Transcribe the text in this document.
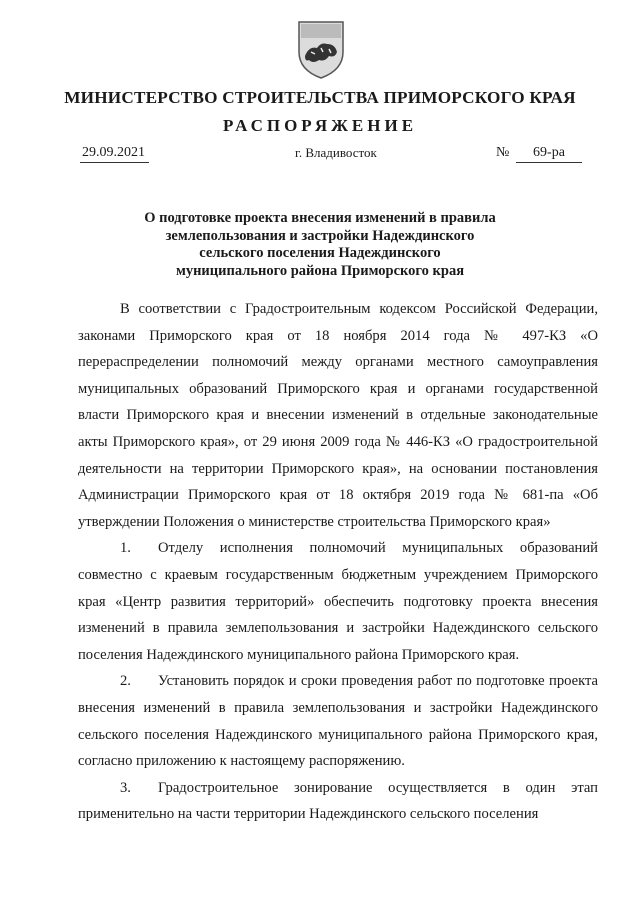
МИНИСТЕРСТВО СТРОИТЕЛЬСТВА ПРИМОРСКОГО КРАЯ
РАСПОРЯЖЕНИЕ
29.09.2021	г. Владивосток	№	69-ра
О подготовке проекта внесения изменений в правила
землепользования и застройки Надеждинского
сельского поселения Надеждинского
муниципального района Приморского края

В соответствии с Градостроительным кодексом Российской Федерации, законами Приморского края от 18 ноября 2014 года № 497-КЗ «О перераспределении полномочий между органами местного самоуправления муниципальных образований Приморского края и органами государственной власти Приморского края и внесении изменений в отдельные законодательные акты Приморского края», от 29 июня 2009 года № 446-КЗ «О градостроительной деятельности на территории Приморского края», на основании постановления Администрации Приморского края от 18 октября 2019 года № 681-па «Об утверждении Положения о министерстве строительства Приморского края»

1. Отделу исполнения полномочий муниципальных образований совместно с краевым государственным бюджетным учреждением Приморского края «Центр развития территорий» обеспечить подготовку проекта внесения изменений в правила землепользования и застройки Надеждинского сельского поселения Надеждинского муниципального района Приморского края.

2. Установить порядок и сроки проведения работ по подготовке проекта внесения изменений в правила землепользования и застройки Надеждинского сельского поселения Надеждинского муниципального района Приморского края, согласно приложению к настоящему распоряжению.

3. Градостроительное зонирование осуществляется в один этап применительно на части территории Надеждинского сельского поселения
